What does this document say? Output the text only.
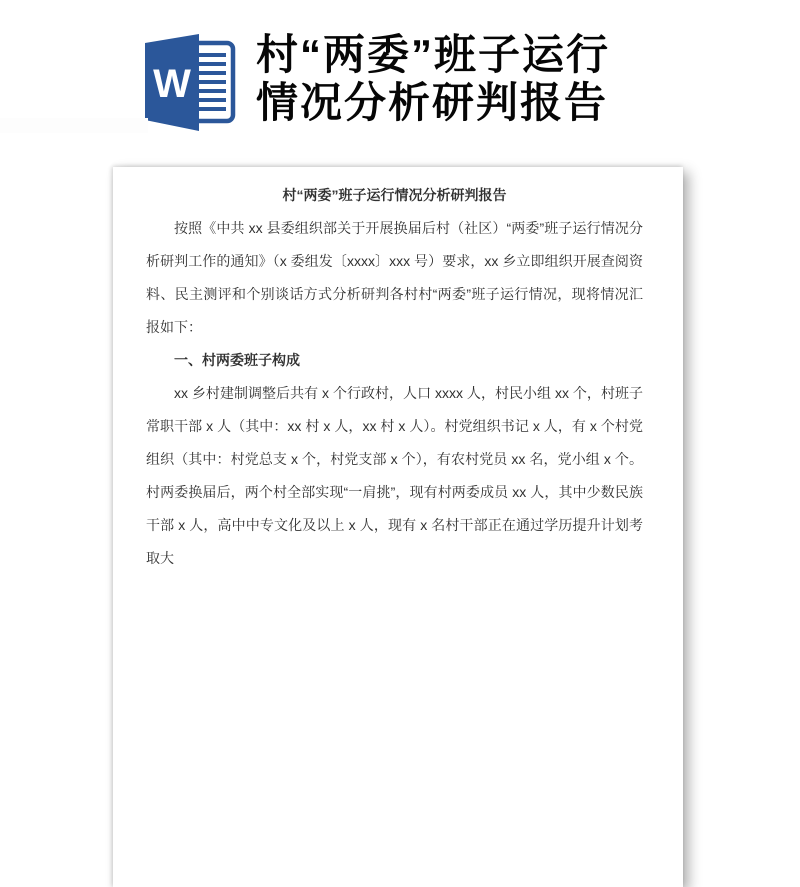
W
村“两委”班子运行
情况分析研判报告

村“两委”班子运行情况分析研判报告

按照《中共 xx 县委组织部关于开展换届后村（社区）“两委”班子运行情况分析研判工作的通知》（x 委组发〔xxxx〕xxx 号）要求，xx 乡立即组织开展查阅资料、民主测评和个别谈话方式分析研判各村村“两委”班子运行情况，现将情况汇报如下：

一、村两委班子构成

xx 乡村建制调整后共有 x 个行政村，人口 xxxx 人，村民小组 xx 个，村班子常职干部 x 人（其中：xx 村 x 人，xx 村 x 人）。村党组织书记 x 人，有 x 个村党组织（其中：村党总支 x 个，村党支部 x 个），有农村党员 xx 名，党小组 x 个。村两委换届后，两个村全部实现“一肩挑”，现有村两委成员 xx 人，其中少数民族干部 x 人，高中中专文化及以上 x 人，现有 x 名村干部正在通过学历提升计划考取大
